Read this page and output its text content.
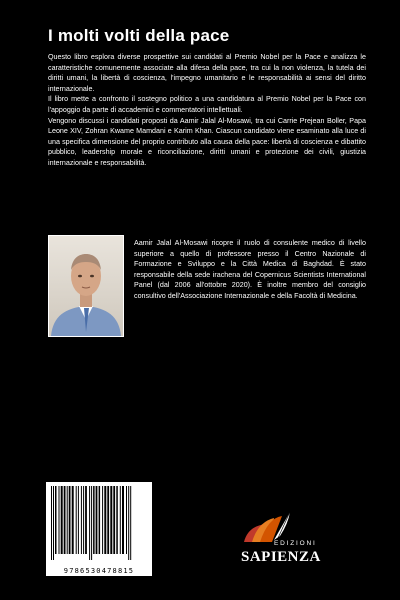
I molti volti della pace

Questo libro esplora diverse prospettive sui candidati al Premio Nobel per la Pace e analizza le caratteristiche comunemente associate alla difesa della pace, tra cui la non violenza, la tutela dei diritti umani, la libertà di coscienza, l'impegno umanitario e le responsabilità ai sensi del diritto internazionale.

Il libro mette a confronto il sostegno politico a una candidatura al Premio Nobel per la Pace con l'appoggio da parte di accademici e commentatori intellettuali.

Vengono discussi i candidati proposti da Aamir Jalal Al-Mosawi, tra cui Carrie Prejean Boller, Papa Leone XIV, Zohran Kwame Mamdani e Karim Khan. Ciascun candidato viene esaminato alla luce di una specifica dimensione del proprio contributo alla causa della pace: libertà di coscienza e dibattito pubblico, leadership morale e riconciliazione, diritti umani e protezione dei civili, giustizia internazionale e responsabilità.

Aamir Jalal Al-Mosawi ricopre il ruolo di consulente medico di livello superiore a quello di professore presso il Centro Nazionale di Formazione e Sviluppo e la Città Medica di Baghdad. È stato responsabile della sede irachena del Copernicus Scientists International Panel (dal 2006 all'ottobre 2020). È inoltre membro del consiglio consultivo dell'Associazione Internazionale e della Facoltà di Medicina.

9786530478815
EDIZIONI
SAPIENZA
